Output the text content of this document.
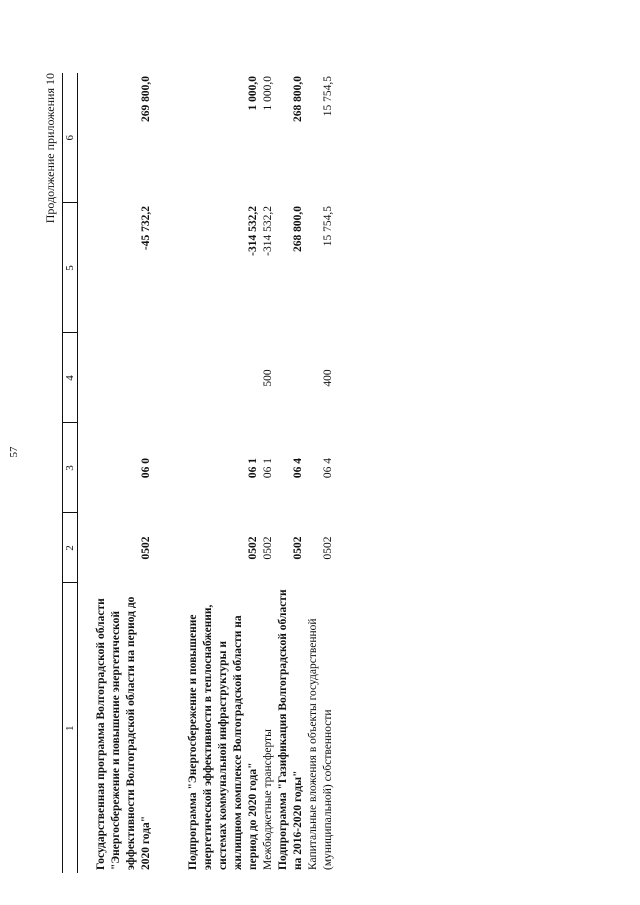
57
Продолжение приложения 10
1	2	3	4	5	6

Государственная программа Волгоградской области "Энергосбережение и повышение энергетической эффективности Волгоградской области на период до 2020 года"	0502	06 0		-45 732,2	269 800,0

Подпрограмма "Энергосбережение и повышение энергетической эффективности в теплоснабжении, системах коммунальной инфраструктуры и жилищном комплексе Волгоградской области на период до 2020 года"	0502	06 1		-314 532,2	1 000,0
Межбюджетные трансферты	0502	06 1	500	-314 532,2	1 000,0
Подпрограмма "Газификация Волгоградской области на 2016-2020 годы"	0502	06 4		268 800,0	268 800,0
Капитальные вложения в объекты государственной (муниципальной) собственности	0502	06 4	400	15 754,5	15 754,5
